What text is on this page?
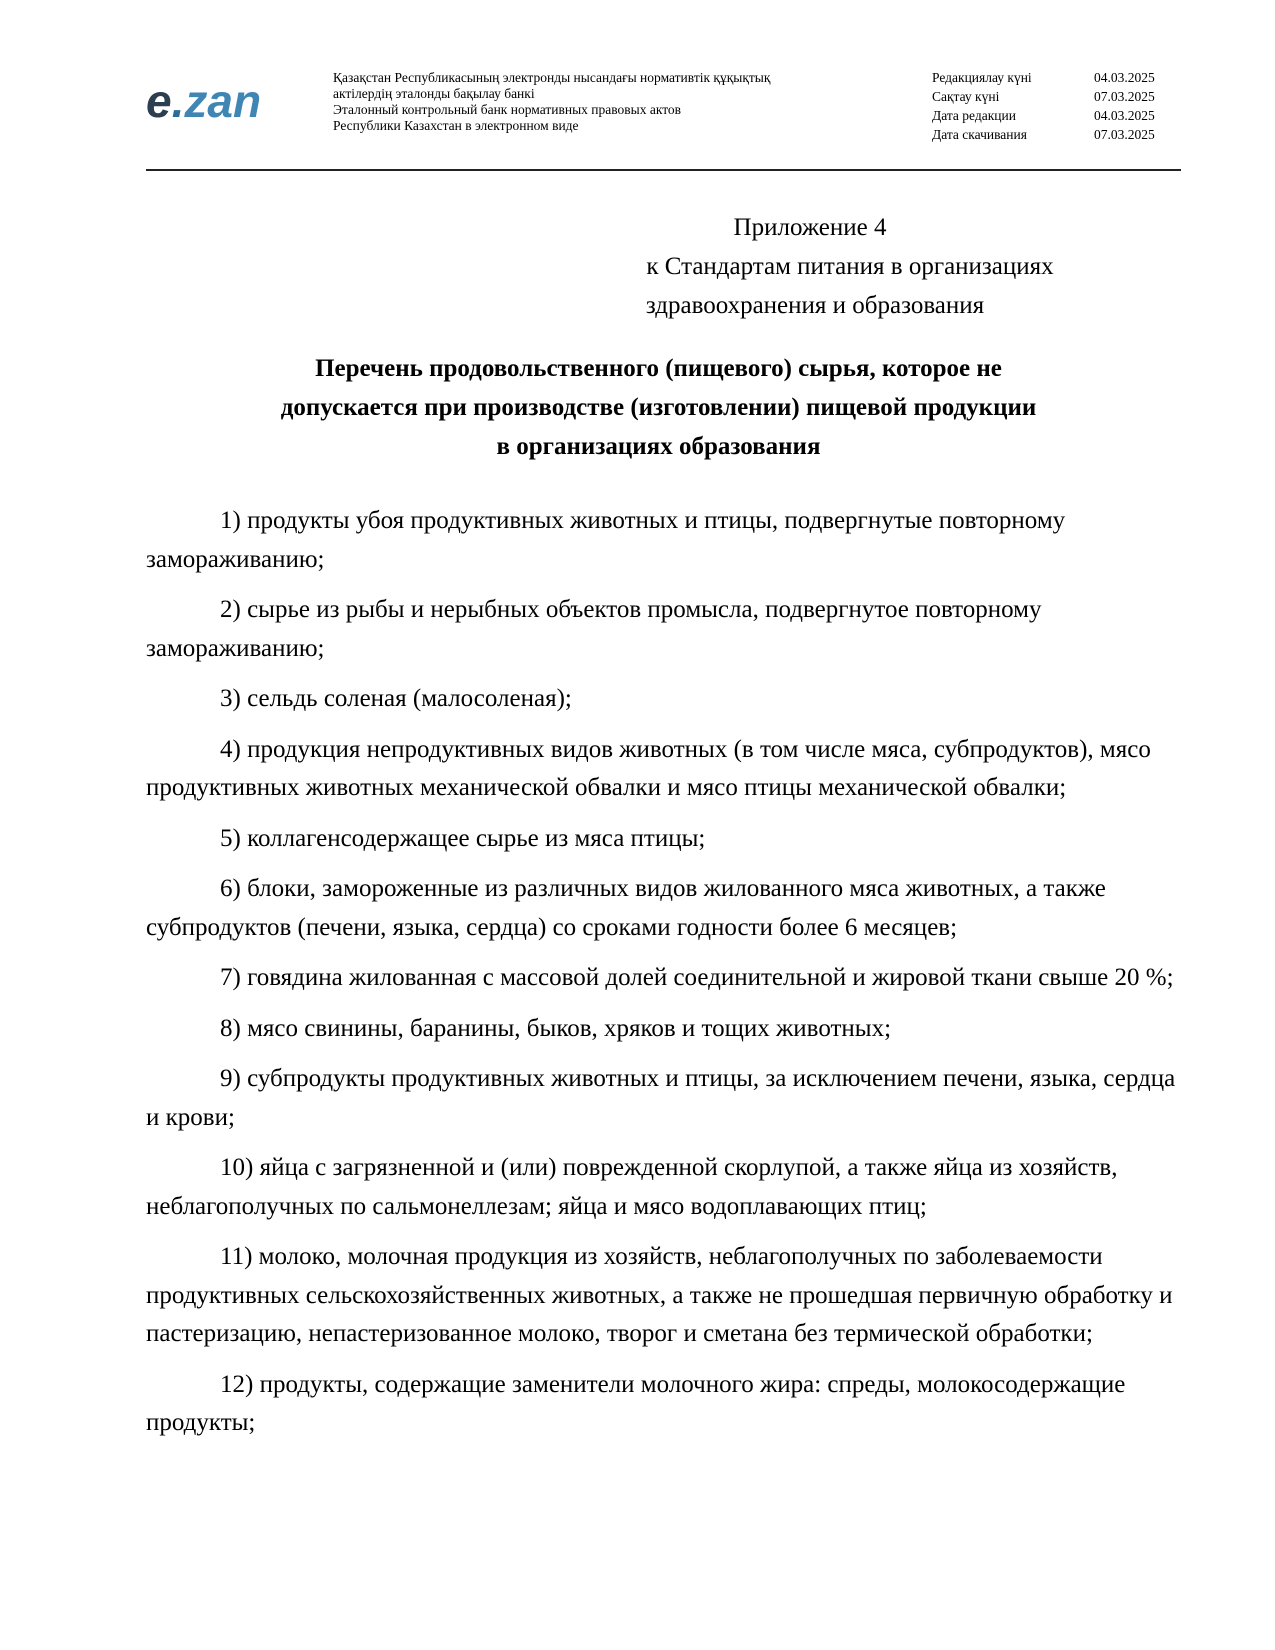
e.zan	Қазақстан Республикасының электронды нысандағы нормативтік құқықтық
актілердің эталонды бақылау банкі
Эталонный контрольный банк нормативных правовых актов
Республики Казахстан в электронном виде
Редакциялау күні	04.03.2025
Сақтау күні	07.03.2025
Дата редакции	04.03.2025
Дата скачивания	07.03.2025
Приложение 4
к Стандартам питания в организациях
здравоохранения и образования
Перечень продовольственного (пищевого) сырья, которое не
допускается при производстве (изготовлении) пищевой продукции
в организациях образования

1) продукты убоя продуктивных животных и птицы, подвергнутые повторному замораживанию;

2) сырье из рыбы и нерыбных объектов промысла, подвергнутое повторному замораживанию;

3) сельдь соленая (малосоленая);

4) продукция непродуктивных видов животных (в том числе мяса, субпродуктов), мясо продуктивных животных механической обвалки и мясо птицы механической обвалки;

5) коллагенсодержащее сырье из мяса птицы;

6) блоки, замороженные из различных видов жилованного мяса животных, а также субпродуктов (печени, языка, сердца) со сроками годности более 6 месяцев;

7) говядина жилованная с массовой долей соединительной и жировой ткани свыше 20 %;

8) мясо свинины, баранины, быков, хряков и тощих животных;

9) субпродукты продуктивных животных и птицы, за исключением печени, языка, сердца и крови;

10) яйца с загрязненной и (или) поврежденной скорлупой, а также яйца из хозяйств, неблагополучных по сальмонеллезам; яйца и мясо водоплавающих птиц;

11) молоко, молочная продукция из хозяйств, неблагополучных по заболеваемости продуктивных сельскохозяйственных животных, а также не прошедшая первичную обработку и пастеризацию, непастеризованное молоко, творог и сметана без термической обработки;

12) продукты, содержащие заменители молочного жира: спреды, молокосодержащие продукты;
